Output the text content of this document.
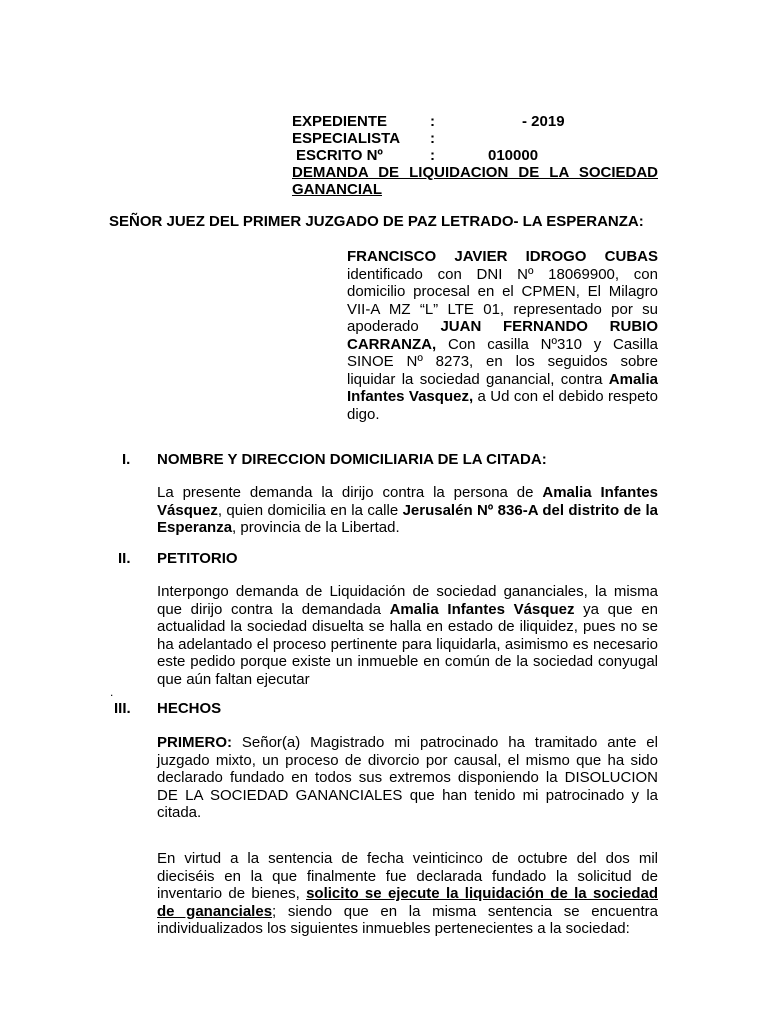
EXPEDIENTE	:	- 2019
ESPECIALISTA :
ESCRITO Nº	:	010000
DEMANDA DE LIQUIDACION DE LA SOCIEDAD
GANANCIAL
SEÑOR JUEZ DEL PRIMER JUZGADO DE PAZ LETRADO- LA ESPERANZA:
FRANCISCO JAVIER IDROGO CUBAS identificado con DNI Nº 18069900, con domicilio procesal en el CPMEN, El Milagro VII-A MZ “L” LTE 01, representado por su apoderado JUAN FERNANDO RUBIO CARRANZA, Con casilla Nº310 y Casilla SINOE Nº 8273, en los seguidos sobre liquidar la sociedad ganancial, contra Amalia Infantes Vasquez, a Ud con el debido respeto digo.
I. NOMBRE Y DIRECCION DOMICILIARIA DE LA CITADA:
La presente demanda la dirijo contra la persona de Amalia Infantes Vásquez, quien domicilia en la calle Jerusalén Nº 836-A del distrito de la Esperanza, provincia de la Libertad.
II. PETITORIO
Interpongo demanda de Liquidación de sociedad gananciales, la misma que dirijo contra la demandada Amalia Infantes Vásquez ya que en actualidad la sociedad disuelta se halla en estado de iliquidez, pues no se ha adelantado el proceso pertinente para liquidarla, asimismo es necesario este pedido porque existe un inmueble en común de la sociedad conyugal que aún faltan ejecutar
.
III. HECHOS
PRIMERO: Señor(a) Magistrado mi patrocinado ha tramitado ante el juzgado mixto, un proceso de divorcio por causal, el mismo que ha sido declarado fundado en todos sus extremos disponiendo la DISOLUCION DE LA SOCIEDAD GANANCIALES que han tenido mi patrocinado y la citada.
En virtud a la sentencia de fecha veinticinco de octubre del dos mil dieciséis en la que finalmente fue declarada fundado la solicitud de inventario de bienes, solicito se ejecute la liquidación de la sociedad de gananciales; siendo que en la misma sentencia se encuentra individualizados los siguientes inmuebles pertenecientes a la sociedad:
